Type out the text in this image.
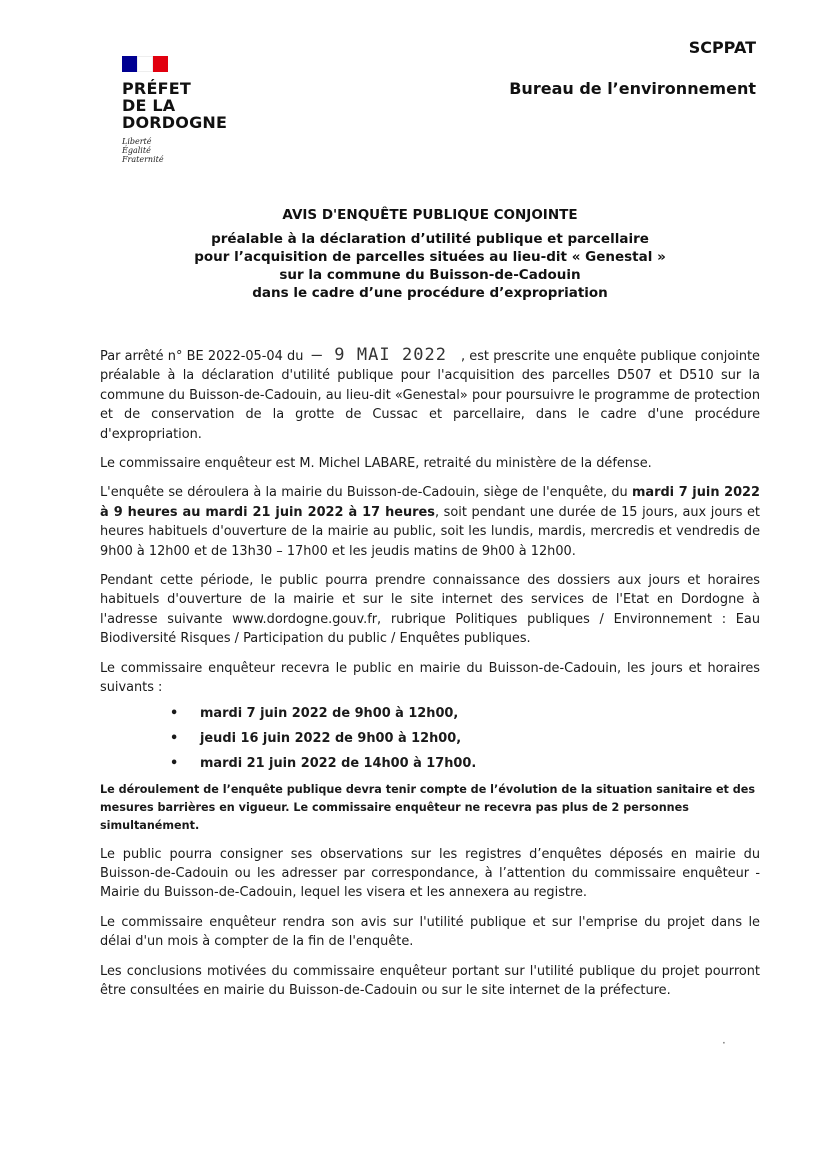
PRÉFET
DE LA
DORDOGNE
Liberté
Égalité
Fraternité
SCPPAT
Bureau de l’environnement
AVIS D'ENQUÊTE PUBLIQUE CONJOINTE
préalable à la déclaration d’utilité publique et parcellaire
pour l’acquisition de parcelles situées au lieu-dit « Genestal »
sur la commune du Buisson-de-Cadouin
dans le cadre d’une procédure d’expropriation

Par arrêté n° BE 2022-05-04 du – 9 MAI 2022 , est prescrite une enquête publique conjointe préalable à la déclaration d'utilité publique pour l'acquisition des parcelles D507 et D510 sur la commune du Buisson-de-Cadouin, au lieu-dit «Genestal» pour poursuivre le programme de protection et de conservation de la grotte de Cussac et parcellaire, dans le cadre d'une procédure d'expropriation.

Le commissaire enquêteur est M. Michel LABARE, retraité du ministère de la défense.

L'enquête se déroulera à la mairie du Buisson-de-Cadouin, siège de l'enquête, du mardi 7 juin 2022 à 9 heures au mardi 21 juin 2022 à 17 heures, soit pendant une durée de 15 jours, aux jours et heures habituels d'ouverture de la mairie au public, soit les lundis, mardis, mercredis et vendredis de 9h00 à 12h00 et de 13h30 – 17h00 et les jeudis matins de 9h00 à 12h00.

Pendant cette période, le public pourra prendre connaissance des dossiers aux jours et horaires habituels d'ouverture de la mairie et sur le site internet des services de l'Etat en Dordogne à l'adresse suivante www.dordogne.gouv.fr, rubrique Politiques publiques / Environnement : Eau Biodiversité Risques / Participation du public / Enquêtes publiques.

Le commissaire enquêteur recevra le public en mairie du Buisson-de-Cadouin, les jours et horaires suivants :

• mardi 7 juin 2022 de 9h00 à 12h00,
• jeudi 16 juin 2022 de 9h00 à 12h00,
• mardi 21 juin 2022 de 14h00 à 17h00.

Le déroulement de l’enquête publique devra tenir compte de l’évolution de la situation sanitaire et des mesures barrières en vigueur. Le commissaire enquêteur ne recevra pas plus de 2 personnes simultanément.

Le public pourra consigner ses observations sur les registres d’enquêtes déposés en mairie du Buisson-de-Cadouin ou les adresser par correspondance, à l’attention du commissaire enquêteur - Mairie du Buisson-de-Cadouin, lequel les visera et les annexera au registre.

Le commissaire enquêteur rendra son avis sur l'utilité publique et sur l'emprise du projet dans le délai d'un mois à compter de la fin de l'enquête.

Les conclusions motivées du commissaire enquêteur portant sur l'utilité publique du projet pourront être consultées en mairie du Buisson-de-Cadouin ou sur le site internet de la préfecture.

·
